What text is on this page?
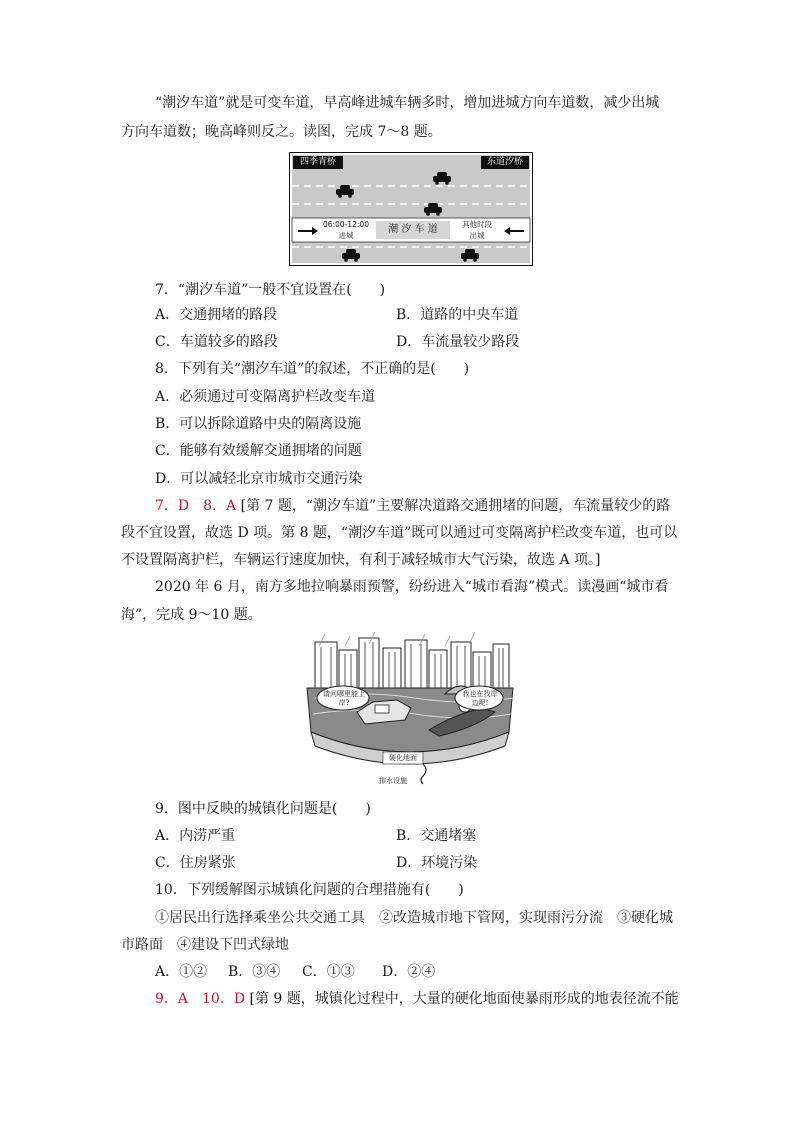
“潮汐车道”就是可变车道，早高峰进城车辆多时，增加进城方向车道数，减少出城
方向车道数；晚高峰则反之。读图，完成 7～8 题。
四季青桥	东道汐桥
06:00-12:00
进城
潮 汐 车 道	其他时段
出城
7．“潮汐车道”一般不宜设置在(　　)
A．交通拥堵的路段	B．道路的中央车道
C．车道较多的路段	D．车流量较少路段
8．下列有关“潮汐车道”的叙述，不正确的是(　　)
A．必须通过可变隔离护栏改变车道
B．可以拆除道路中央的隔离设施
C．能够有效缓解交通拥堵的问题
D．可以减轻北京市城市交通污染
7．D　8．A [第 7 题，“潮汐车道”主要解决道路交通拥堵的问题，车流量较少的路
段不宜设置，故选 D 项。第 8 题，“潮汐车道”既可以通过可变隔离护栏改变车道，也可以
不设置隔离护栏，车辆运行速度加快，有利于减轻城市大气污染，故选 A 项。]
2020 年 6 月，南方多地拉响暴雨预警，纷纷进入“城市看海”模式。读漫画“城市看
海”，完成 9～10 题。
请问哪里能上岸?
我也在找岸边呢!
硬化地面
排水设施
9．图中反映的城镇化问题是(　　)
A．内涝严重	B．交通堵塞
C．住房紧张	D．环境污染
10．下列缓解图示城镇化问题的合理措施有(　　)
①居民出行选择乘坐公共交通工具　②改造城市地下管网，实现雨污分流　③硬化城
市路面　④建设下凹式绿地
A．①② B．③④ C．①③ D．②④
9．A　10．D [第 9 题，城镇化过程中，大量的硬化地面使暴雨形成的地表径流不能
